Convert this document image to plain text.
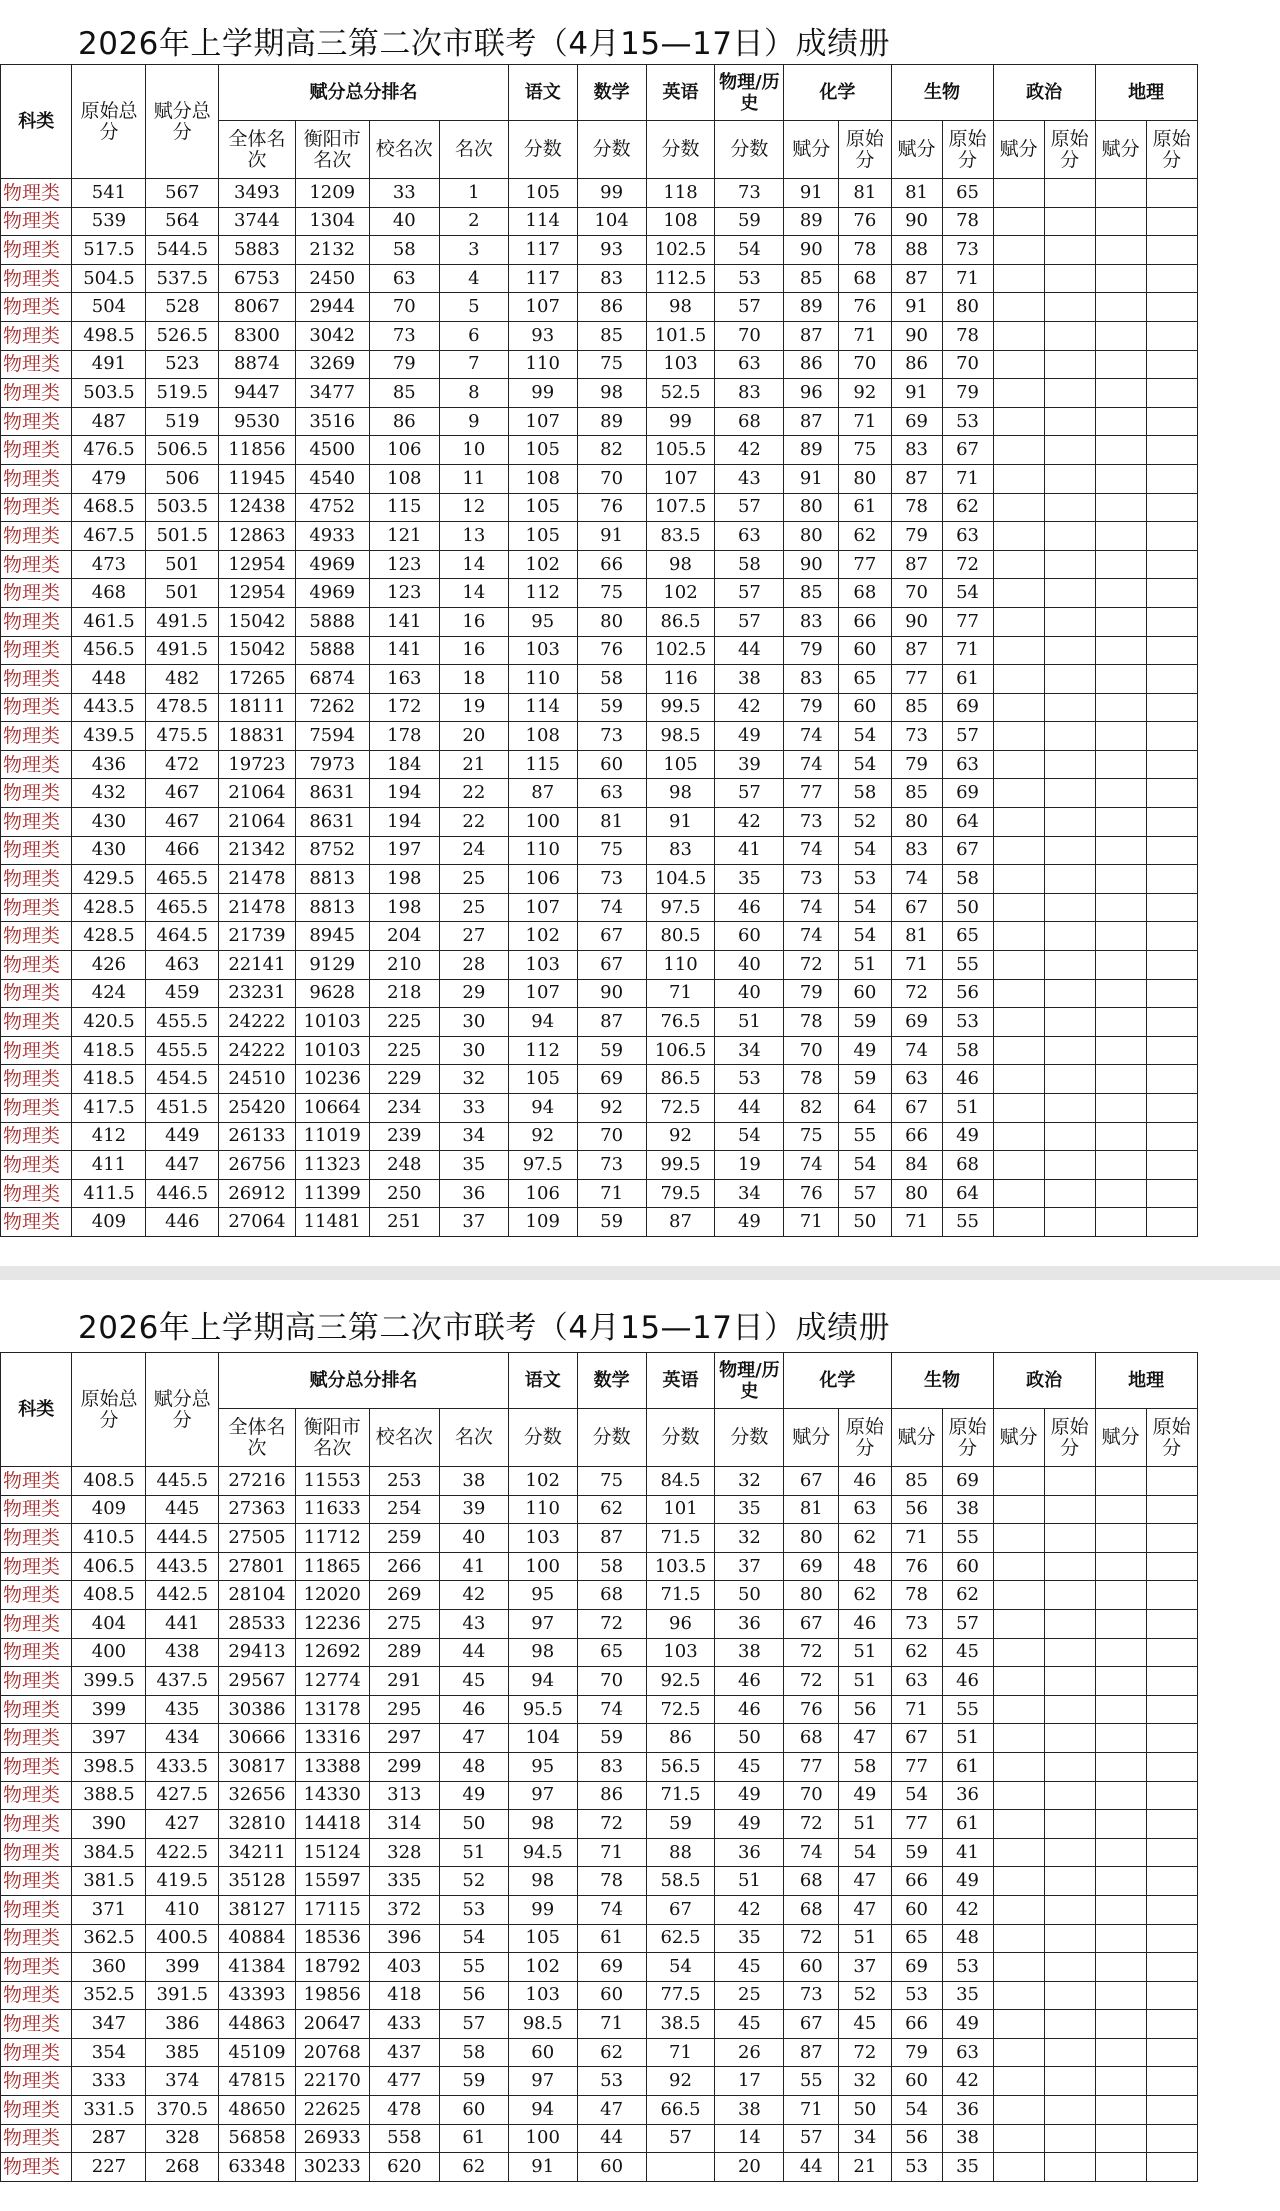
2026年上学期高三第二次市联考（4月15—17日）成绩册
科类	原始总分	赋分总分	赋分总分排名				语文	数学	英语	物理/历史	化学		生物		政治		地理	
			全体名次	衡阳市名次	校名次	名次	分数	分数	分数	分数	赋分	原始分	赋分	原始分	赋分	原始分	赋分	原始分
物理类	541	567	3493	1209	33	1	105	99	118	73	91	81	81	65				
物理类	539	564	3744	1304	40	2	114	104	108	59	89	76	90	78				
物理类	517.5	544.5	5883	2132	58	3	117	93	102.5	54	90	78	88	73				
物理类	504.5	537.5	6753	2450	63	4	117	83	112.5	53	85	68	87	71				
物理类	504	528	8067	2944	70	5	107	86	98	57	89	76	91	80				
物理类	498.5	526.5	8300	3042	73	6	93	85	101.5	70	87	71	90	78				
物理类	491	523	8874	3269	79	7	110	75	103	63	86	70	86	70				
物理类	503.5	519.5	9447	3477	85	8	99	98	52.5	83	96	92	91	79				
物理类	487	519	9530	3516	86	9	107	89	99	68	87	71	69	53				
物理类	476.5	506.5	11856	4500	106	10	105	82	105.5	42	89	75	83	67				
物理类	479	506	11945	4540	108	11	108	70	107	43	91	80	87	71				
物理类	468.5	503.5	12438	4752	115	12	105	76	107.5	57	80	61	78	62				
物理类	467.5	501.5	12863	4933	121	13	105	91	83.5	63	80	62	79	63				
物理类	473	501	12954	4969	123	14	102	66	98	58	90	77	87	72				
物理类	468	501	12954	4969	123	14	112	75	102	57	85	68	70	54				
物理类	461.5	491.5	15042	5888	141	16	95	80	86.5	57	83	66	90	77				
物理类	456.5	491.5	15042	5888	141	16	103	76	102.5	44	79	60	87	71				
物理类	448	482	17265	6874	163	18	110	58	116	38	83	65	77	61				
物理类	443.5	478.5	18111	7262	172	19	114	59	99.5	42	79	60	85	69				
物理类	439.5	475.5	18831	7594	178	20	108	73	98.5	49	74	54	73	57				
物理类	436	472	19723	7973	184	21	115	60	105	39	74	54	79	63				
物理类	432	467	21064	8631	194	22	87	63	98	57	77	58	85	69				
物理类	430	467	21064	8631	194	22	100	81	91	42	73	52	80	64				
物理类	430	466	21342	8752	197	24	110	75	83	41	74	54	83	67				
物理类	429.5	465.5	21478	8813	198	25	106	73	104.5	35	73	53	74	58				
物理类	428.5	465.5	21478	8813	198	25	107	74	97.5	46	74	54	67	50				
物理类	428.5	464.5	21739	8945	204	27	102	67	80.5	60	74	54	81	65				
物理类	426	463	22141	9129	210	28	103	67	110	40	72	51	71	55				
物理类	424	459	23231	9628	218	29	107	90	71	40	79	60	72	56				
物理类	420.5	455.5	24222	10103	225	30	94	87	76.5	51	78	59	69	53				
物理类	418.5	455.5	24222	10103	225	30	112	59	106.5	34	70	49	74	58				
物理类	418.5	454.5	24510	10236	229	32	105	69	86.5	53	78	59	63	46				
物理类	417.5	451.5	25420	10664	234	33	94	92	72.5	44	82	64	67	51				
物理类	412	449	26133	11019	239	34	92	70	92	54	75	55	66	49				
物理类	411	447	26756	11323	248	35	97.5	73	99.5	19	74	54	84	68				
物理类	411.5	446.5	26912	11399	250	36	106	71	79.5	34	76	57	80	64				
物理类	409	446	27064	11481	251	37	109	59	87	49	71	50	71	55				
2026年上学期高三第二次市联考（4月15—17日）成绩册
科类	原始总分	赋分总分	赋分总分排名				语文	数学	英语	物理/历史	化学		生物		政治		地理	
			全体名次	衡阳市名次	校名次	名次	分数	分数	分数	分数	赋分	原始分	赋分	原始分	赋分	原始分	赋分	原始分
物理类	408.5	445.5	27216	11553	253	38	102	75	84.5	32	67	46	85	69				
物理类	409	445	27363	11633	254	39	110	62	101	35	81	63	56	38				
物理类	410.5	444.5	27505	11712	259	40	103	87	71.5	32	80	62	71	55				
物理类	406.5	443.5	27801	11865	266	41	100	58	103.5	37	69	48	76	60				
物理类	408.5	442.5	28104	12020	269	42	95	68	71.5	50	80	62	78	62				
物理类	404	441	28533	12236	275	43	97	72	96	36	67	46	73	57				
物理类	400	438	29413	12692	289	44	98	65	103	38	72	51	62	45				
物理类	399.5	437.5	29567	12774	291	45	94	70	92.5	46	72	51	63	46				
物理类	399	435	30386	13178	295	46	95.5	74	72.5	46	76	56	71	55				
物理类	397	434	30666	13316	297	47	104	59	86	50	68	47	67	51				
物理类	398.5	433.5	30817	13388	299	48	95	83	56.5	45	77	58	77	61				
物理类	388.5	427.5	32656	14330	313	49	97	86	71.5	49	70	49	54	36				
物理类	390	427	32810	14418	314	50	98	72	59	49	72	51	77	61				
物理类	384.5	422.5	34211	15124	328	51	94.5	71	88	36	74	54	59	41				
物理类	381.5	419.5	35128	15597	335	52	98	78	58.5	51	68	47	66	49				
物理类	371	410	38127	17115	372	53	99	74	67	42	68	47	60	42				
物理类	362.5	400.5	40884	18536	396	54	105	61	62.5	35	72	51	65	48				
物理类	360	399	41384	18792	403	55	102	69	54	45	60	37	69	53				
物理类	352.5	391.5	43393	19856	418	56	103	60	77.5	25	73	52	53	35				
物理类	347	386	44863	20647	433	57	98.5	71	38.5	45	67	45	66	49				
物理类	354	385	45109	20768	437	58	60	62	71	26	87	72	79	63				
物理类	333	374	47815	22170	477	59	97	53	92	17	55	32	60	42				
物理类	331.5	370.5	48650	22625	478	60	94	47	66.5	38	71	50	54	36				
物理类	287	328	56858	26933	558	61	100	44	57	14	57	34	56	38				
物理类	227	268	63348	30233	620	62	91	60		20	44	21	53	35				
